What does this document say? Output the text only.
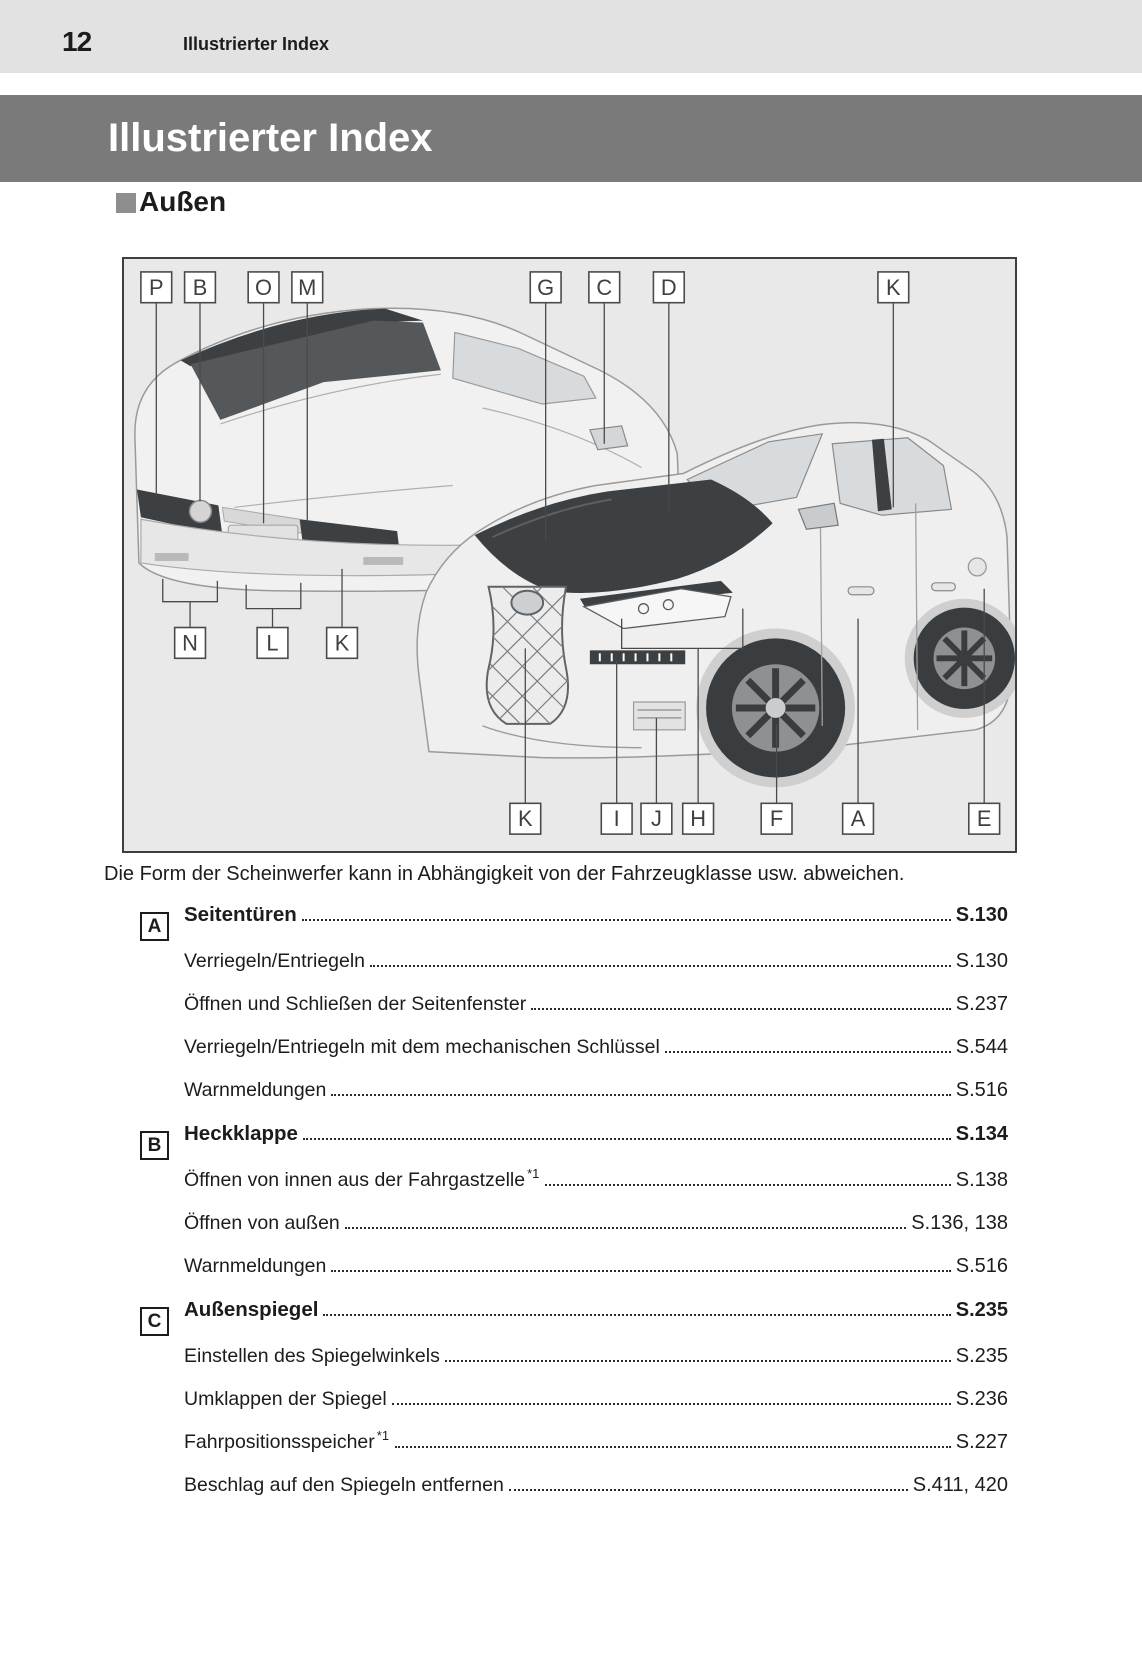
12	Illustrierter Index
Illustrierter Index
Außen
P B O M	G C D	K
N	L	K
K	I J H	F	A	E
Die Form der Scheinwerfer kann in Abhängigkeit von der Fahrzeugklasse usw. abweichen.
A	Seitentüren	S.130
Verriegeln/Entriegeln	S.130
Öffnen und Schließen der Seitenfenster	S.237
Verriegeln/Entriegeln mit dem mechanischen Schlüssel	S.544
Warnmeldungen	S.516
B	Heckklappe	S.134
Öffnen von innen aus der Fahrgastzelle *1	S.138
Öffnen von außen	S.136, 138
Warnmeldungen	S.516
C	Außenspiegel	S.235
Einstellen des Spiegelwinkels	S.235
Umklappen der Spiegel	S.236
Fahrpositionsspeicher *1	S.227
Beschlag auf den Spiegeln entfernen	S.411, 420
